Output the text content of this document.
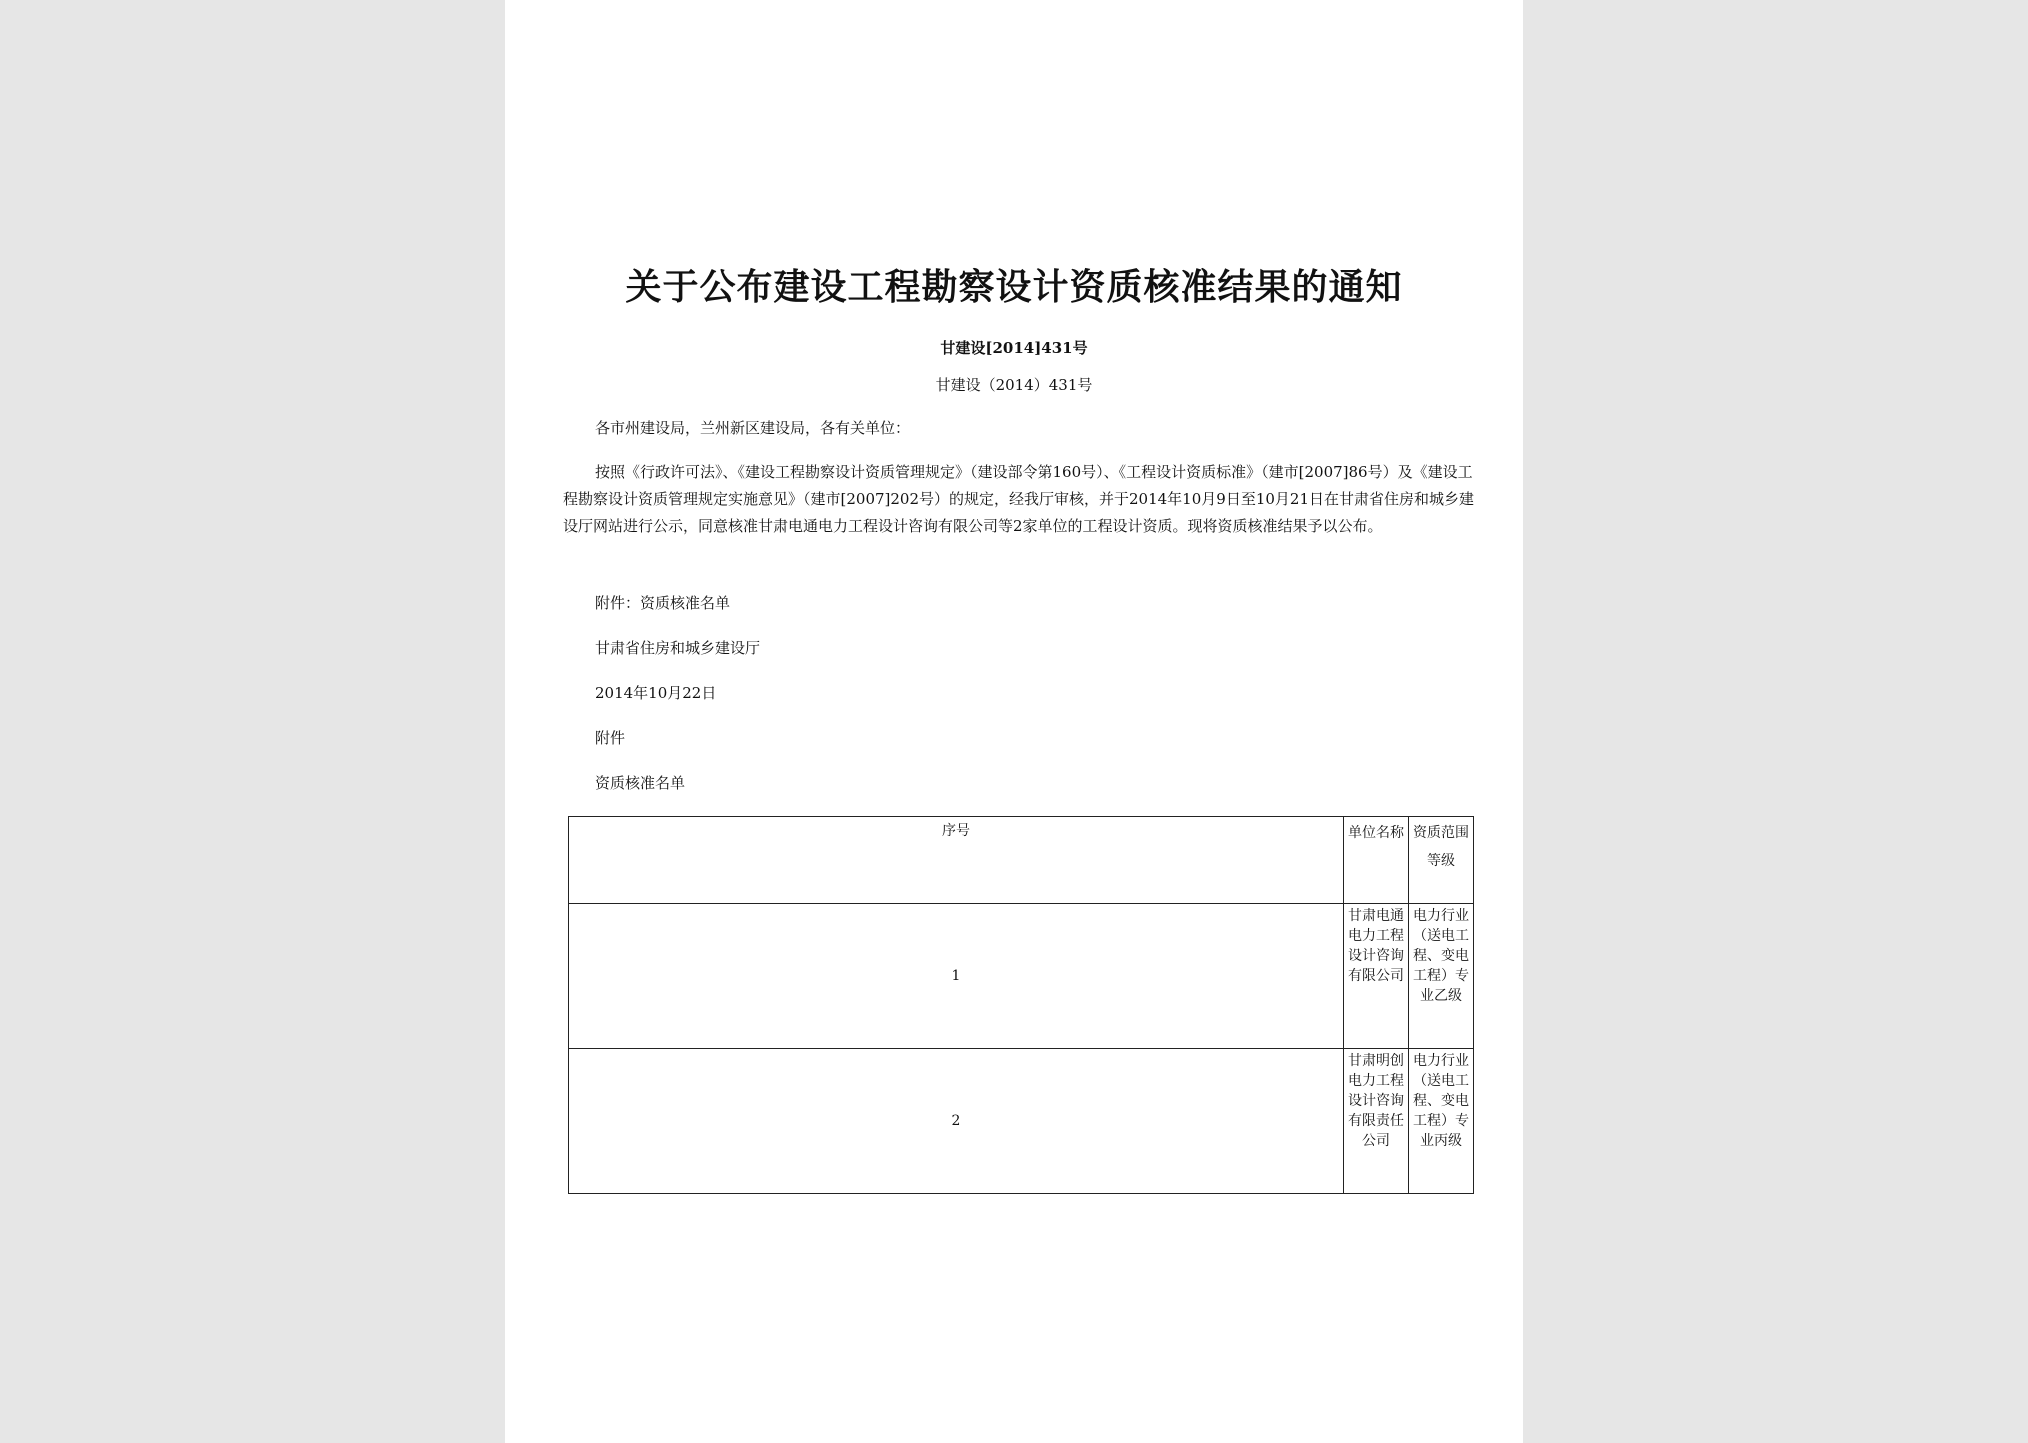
关于公布建设工程勘察设计资质核准结果的通知
甘建设[2014]431号
甘建设（2014）431号
各市州建设局，兰州新区建设局，各有关单位：
按照《行政许可法》、《建设工程勘察设计资质管理规定》（建设部令第160号）、《工程设计资质标准》（建市[2007]86号）及《建设工程勘察设计资质管理规定实施意见》（建市[2007]202号）的规定，经我厅审核，并于2014年10月9日至10月21日在甘肃省住房和城乡建设厅网站进行公示，同意核准甘肃电通电力工程设计咨询有限公司等2家单位的工程设计资质。现将资质核准结果予以公布。
附件：资质核准名单
甘肃省住房和城乡建设厅
2014年10月22日
附件
资质核准名单
序号	单位名称	资质范围等级
1	甘肃电通电力工程设计咨询有限公司	电力行业（送电工程、变电工程）专业乙级
2	甘肃明创电力工程设计咨询有限责任公司	电力行业（送电工程、变电工程）专业丙级
